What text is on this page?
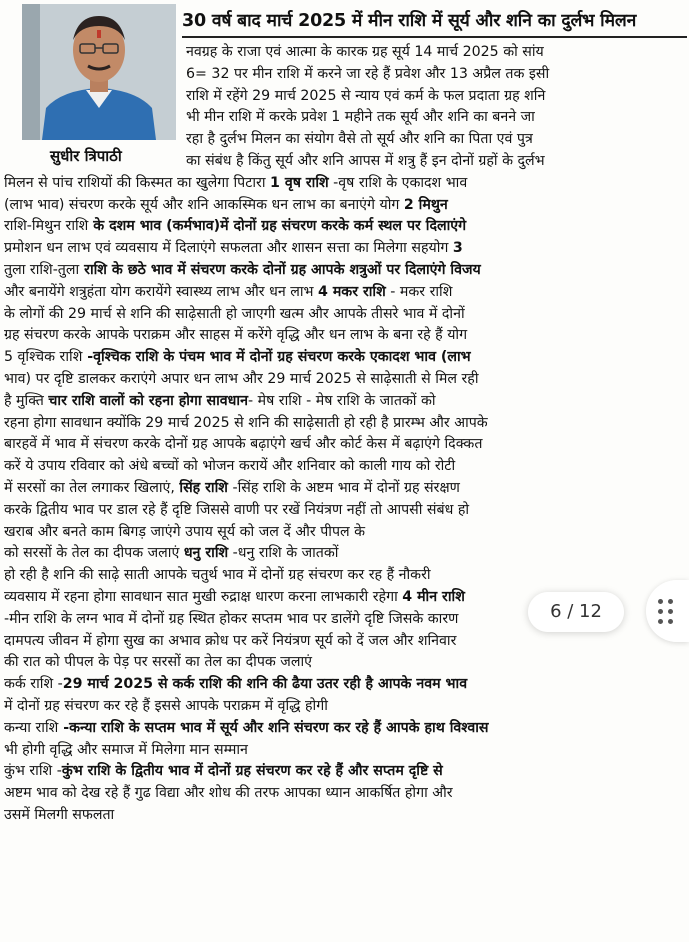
सुधीर त्रिपाठी
30 वर्ष बाद मार्च 2025 में मीन राशि में सूर्य और शनि का दुर्लभ मिलन
नवग्रह के राजा एवं आत्मा के कारक ग्रह सूर्य 14 मार्च 2025 को सांय
6= 32 पर मीन राशि में करने जा रहे हैं प्रवेश और 13 अप्रैल तक इसी
राशि में रहेंगे 29 मार्च 2025 से न्याय एवं कर्म के फल प्रदाता ग्रह शनि
भी मीन राशि में करके प्रवेश 1 महीने तक सूर्य और शनि का बनने जा
रहा है दुर्लभ मिलन का संयोग वैसे तो सूर्य और शनि का पिता एवं पुत्र
का संबंध है किंतु सूर्य और शनि आपस में शत्रु हैं इन दोनों ग्रहों के दुर्लभ
मिलन से पांच राशियों की किस्मत का खुलेगा पिटारा 1 वृष राशि -वृष राशि के एकादश भाव
(लाभ भाव) संचरण करके सूर्य और शनि आकस्मिक धन लाभ का बनाएंगे योग 2 मिथुन
राशि-मिथुन राशि के दशम भाव (कर्मभाव)में दोनों ग्रह संचरण करके कर्म स्थल पर दिलाएंगे
प्रमोशन धन लाभ एवं व्यवसाय में दिलाएंगे सफलता और शासन सत्ता का मिलेगा सहयोग 3
तुला राशि-तुला राशि के छठे भाव में संचरण करके दोनों ग्रह आपके शत्रुओं पर दिलाएंगे विजय
और बनायेंगे शत्रुहंता योग करायेंगे स्वास्थ्य लाभ और धन लाभ 4 मकर राशि - मकर राशि
के लोगों की 29 मार्च से शनि की साढ़ेसाती हो जाएगी खत्म और आपके तीसरे भाव में दोनों
ग्रह संचरण करके आपके पराक्रम और साहस में करेंगे वृद्धि और धन लाभ के बना रहे हैं योग
5 वृश्चिक राशि -वृश्चिक राशि के पंचम भाव में दोनों ग्रह संचरण करके एकादश भाव (लाभ
भाव) पर दृष्टि डालकर कराएंगे अपार धन लाभ और 29 मार्च 2025 से साढ़ेसाती से मिल रही
है मुक्ति चार राशि वालों को रहना होगा सावधान- मेष राशि - मेष राशि के जातकों को
रहना होगा सावधान क्योंकि 29 मार्च 2025 से शनि की साढ़ेसाती हो रही है प्रारम्भ और आपके
बारहवें में भाव में संचरण करके दोनों ग्रह आपके बढ़ाएंगे खर्च और कोर्ट केस में बढ़ाएंगे दिक्कत
करें ये उपाय रविवार को अंधे बच्चों को भोजन करायें और शनिवार को काली गाय को रोटी
में सरसों का तेल लगाकर खिलाएं, सिंह राशि -सिंह राशि के अष्टम भाव में दोनों ग्रह संरक्षण
करके द्वितीय भाव पर डाल रहे हैं दृष्टि जिससे वाणी पर रखें नियंत्रण नहीं तो आपसी संबंध हो
खराब और बनते काम बिगड़ जाएंगे उपाय सूर्य को जल दें और पीपल के
को सरसों के तेल का दीपक जलाएं धनु राशि -धनु राशि के जातकों
हो रही है शनि की साढ़े साती आपके चतुर्थ भाव में दोनों ग्रह संचरण कर रह हैं नौकरी
व्यवसाय में रहना होगा सावधान सात मुखी रुद्राक्ष धारण करना लाभकारी रहेगा 4 मीन राशि
-मीन राशि के लग्न भाव में दोनों ग्रह स्थित होकर सप्तम भाव पर डालेंगे दृष्टि जिसके कारण
दामपत्य जीवन में होगा सुख का अभाव क्रोध पर करें नियंत्रण सूर्य को दें जल और शनिवार
की रात को पीपल के पेड़ पर सरसों का तेल का दीपक जलाएं
कर्क राशि -29 मार्च 2025 से कर्क राशि की शनि की ढैया उतर रही है आपके नवम भाव
में दोनों ग्रह संचरण कर रहे हैं इससे आपके पराक्रम में वृद्धि होगी
कन्या राशि -कन्या राशि के सप्तम भाव में सूर्य और शनि संचरण कर रहे हैं आपके हाथ विश्वास
भी होगी वृद्धि और समाज में मिलेगा मान सम्मान
कुंभ राशि -कुंभ राशि के द्वितीय भाव में दोनों ग्रह संचरण कर रहे हैं और सप्तम दृष्टि से
अष्टम भाव को देख रहे हैं गुढ विद्या और शोध की तरफ आपका ध्यान आकर्षित होगा और
उसमें मिलगी सफलता
6 / 12
